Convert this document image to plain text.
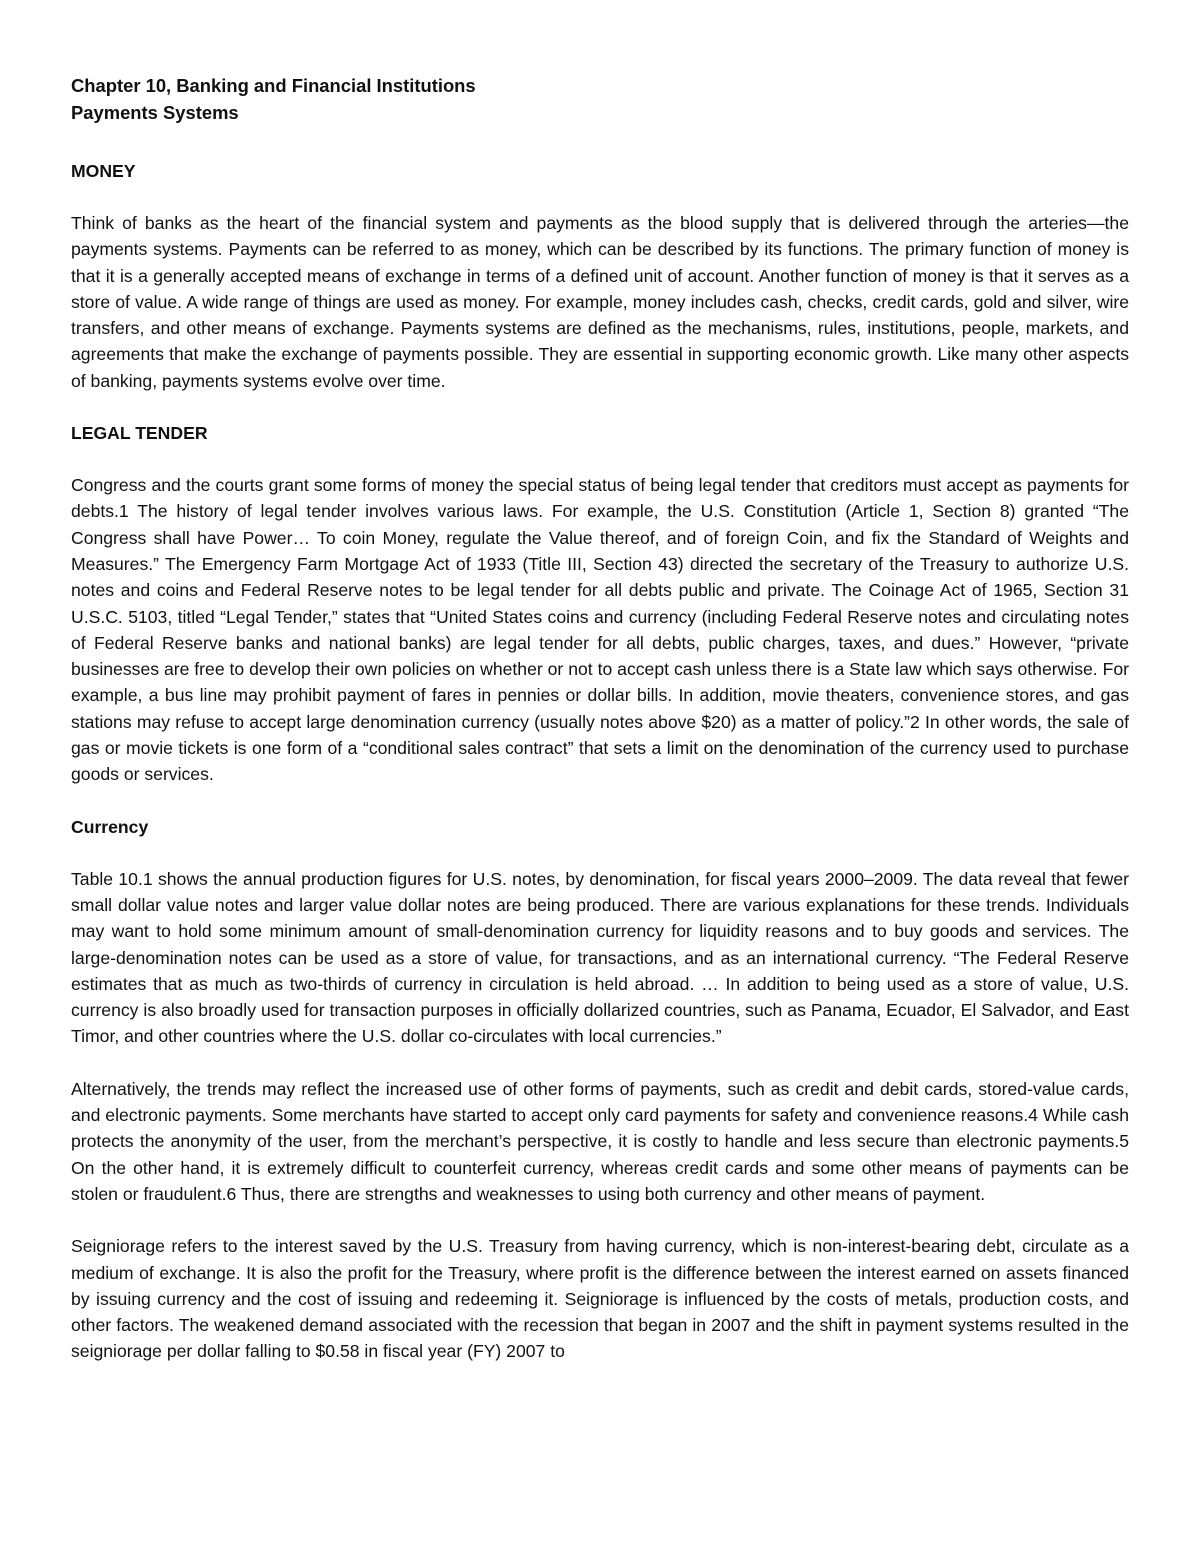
Chapter 10, Banking and Financial Institutions
Payments Systems
MONEY
Think of banks as the heart of the financial system and payments as the blood supply that is delivered through the arteries—the payments systems. Payments can be referred to as money, which can be described by its functions. The primary function of money is that it is a generally accepted means of exchange in terms of a defined unit of account. Another function of money is that it serves as a store of value. A wide range of things are used as money. For example, money includes cash, checks, credit cards, gold and silver, wire transfers, and other means of exchange. Payments systems are defined as the mechanisms, rules, institutions, people, markets, and agreements that make the exchange of payments possible. They are essential in supporting economic growth. Like many other aspects of banking, payments systems evolve over time.
LEGAL TENDER
Congress and the courts grant some forms of money the special status of being legal tender that creditors must accept as payments for debts.1 The history of legal tender involves various laws. For example, the U.S. Constitution (Article 1, Section 8) granted “The Congress shall have Power… To coin Money, regulate the Value thereof, and of foreign Coin, and fix the Standard of Weights and Measures.” The Emergency Farm Mortgage Act of 1933 (Title III, Section 43) directed the secretary of the Treasury to authorize U.S. notes and coins and Federal Reserve notes to be legal tender for all debts public and private. The Coinage Act of 1965, Section 31 U.S.C. 5103, titled “Legal Tender,” states that “United States coins and currency (including Federal Reserve notes and circulating notes of Federal Reserve banks and national banks) are legal tender for all debts, public charges, taxes, and dues.” However, “private businesses are free to develop their own policies on whether or not to accept cash unless there is a State law which says otherwise. For example, a bus line may prohibit payment of fares in pennies or dollar bills. In addition, movie theaters, convenience stores, and gas stations may refuse to accept large denomination currency (usually notes above $20) as a matter of policy.”2 In other words, the sale of gas or movie tickets is one form of a “conditional sales contract” that sets a limit on the denomination of the currency used to purchase goods or services.
Currency
Table 10.1 shows the annual production figures for U.S. notes, by denomination, for fiscal years 2000–2009. The data reveal that fewer small dollar value notes and larger value dollar notes are being produced. There are various explanations for these trends. Individuals may want to hold some minimum amount of small-denomination currency for liquidity reasons and to buy goods and services. The large-denomination notes can be used as a store of value, for transactions, and as an international currency. “The Federal Reserve estimates that as much as two-thirds of currency in circulation is held abroad. … In addition to being used as a store of value, U.S. currency is also broadly used for transaction purposes in officially dollarized countries, such as Panama, Ecuador, El Salvador, and East Timor, and other countries where the U.S. dollar co-circulates with local currencies.”
Alternatively, the trends may reflect the increased use of other forms of payments, such as credit and debit cards, stored-value cards, and electronic payments. Some merchants have started to accept only card payments for safety and convenience reasons.4 While cash protects the anonymity of the user, from the merchant’s perspective, it is costly to handle and less secure than electronic payments.5 On the other hand, it is extremely difficult to counterfeit currency, whereas credit cards and some other means of payments can be stolen or fraudulent.6 Thus, there are strengths and weaknesses to using both currency and other means of payment.
Seigniorage refers to the interest saved by the U.S. Treasury from having currency, which is non-interest-bearing debt, circulate as a medium of exchange. It is also the profit for the Treasury, where profit is the difference between the interest earned on assets financed by issuing currency and the cost of issuing and redeeming it. Seigniorage is influenced by the costs of metals, production costs, and other factors. The weakened demand associated with the recession that began in 2007 and the shift in payment systems resulted in the seigniorage per dollar falling to $0.58 in fiscal year (FY) 2007 to
